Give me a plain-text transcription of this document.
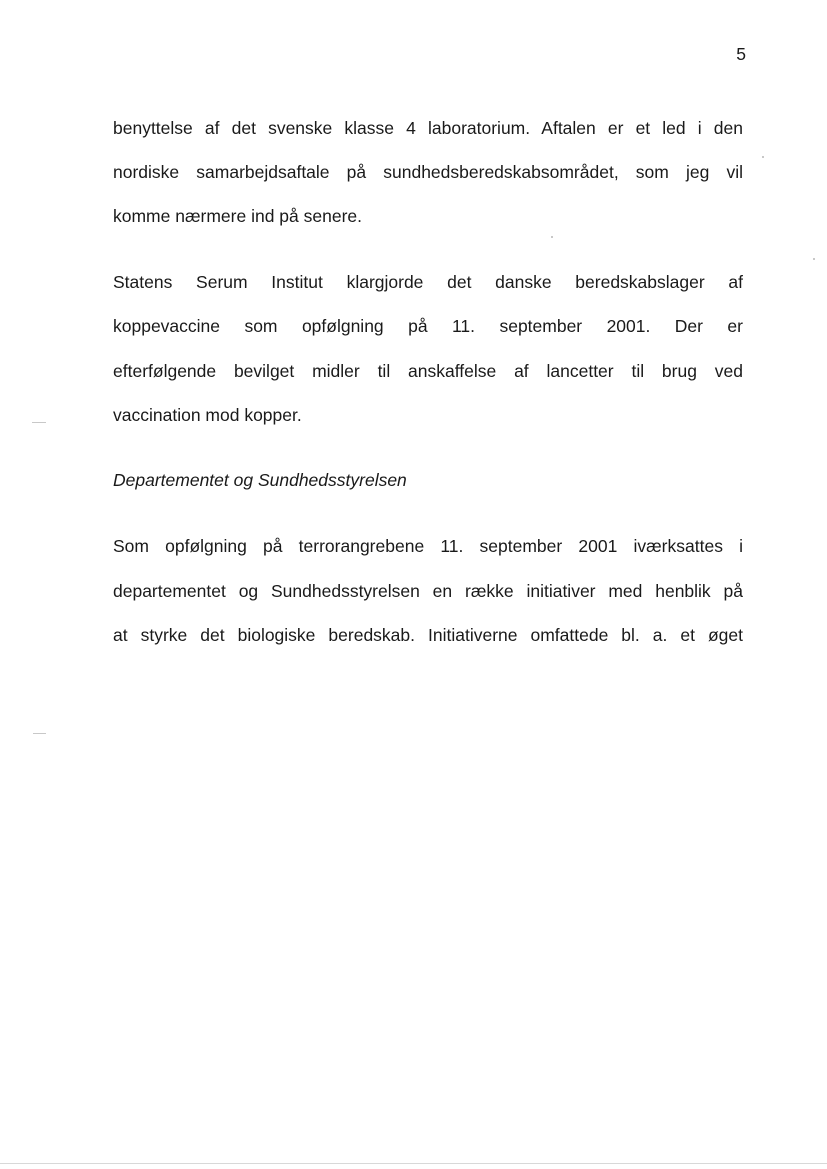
5
benyttelse af det svenske klasse 4 laboratorium. Aftalen er et led i den
nordiske samarbejdsaftale på sundhedsberedskabsområdet, som jeg vil
komme nærmere ind på senere.
Statens Serum Institut klargjorde det danske beredskabslager af
koppevaccine som opfølgning på 11. september 2001. Der er
efterfølgende bevilget midler til anskaffelse af lancetter til brug ved
vaccination mod kopper.
Departementet og Sundhedsstyrelsen
Som opfølgning på terrorangrebene 11. september 2001 iværksattes i
departementet og Sundhedsstyrelsen en række initiativer med henblik på
at styrke det biologiske beredskab. Initiativerne omfattede bl. a. et øget
